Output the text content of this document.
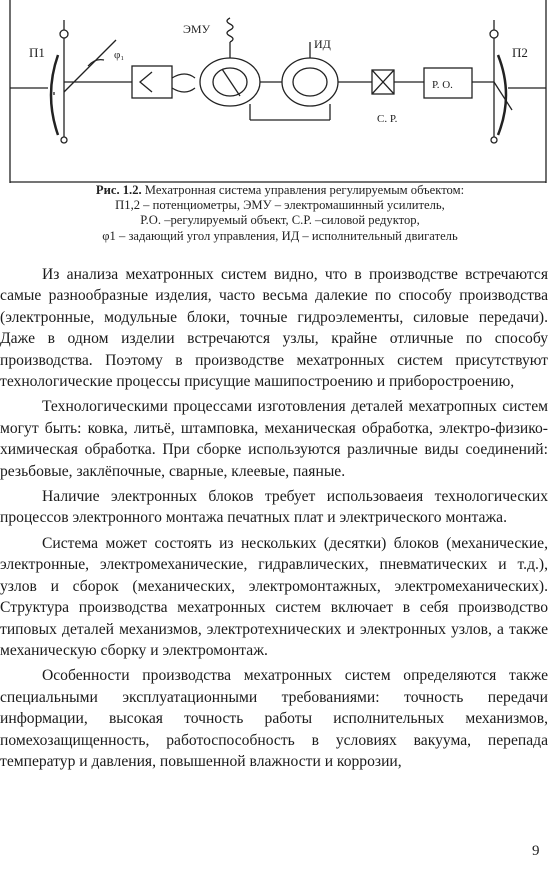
П1	φ₁
ЭМУ
ИД
С. Р.
Р. О.
П2
Рис. 1.2. Мехатронная система управления регулируемым объектом:
П1,2 – потенциометры, ЭМУ – электромашинный усилитель,
Р.О. –регулируемый объект, С.Р. –силовой редуктор,
φ1 – задающий угол управления, ИД – исполнительный двигатель

Из анализа мехатронных систем видно, что в производстве встречаются самые разнообразные изделия, часто весьма далекие по способу производства (электронные, модульные блоки, точные гидроэлементы, силовые передачи). Даже в одном изделии встречаются узлы, крайне отличные по способу производства. Поэтому в производстве мехатронных систем присутствуют технологические процессы присущие машипостроению и приборостроению,

Технологическими процессами изготовления деталей мехатропных систем могут быть: ковка, литьё, штамповка, механическая обработка, электро-физико-химическая обработка. При сборке используются различные виды соединений: резьбовые, заклёпочные, сварные, клеевые, паяные.

Наличие электронных блоков требует использоваеия технологических процессов электронного монтажа печатных плат и электрического монтажа.

Система может состоять из нескольких (десятки) блоков (механические, электронные, электромеханические, гидравлических, пневматических и т.д.), узлов и сборок (механических, электромонтажных, электромеханических). Структура производства мехатронных систем включает в себя производство типовых деталей механизмов, электротехнических и электронных узлов, а также механическую сборку и электромонтаж.

Особенности производства мехатронных систем определяются также специальными эксплуатационными требованиями: точность передачи информации, высокая точность работы исполнительных механизмов, помехозащищенность, работоспособность в условиях вакуума, перепада температур и давления, повышенной влажности и коррозии,

9
